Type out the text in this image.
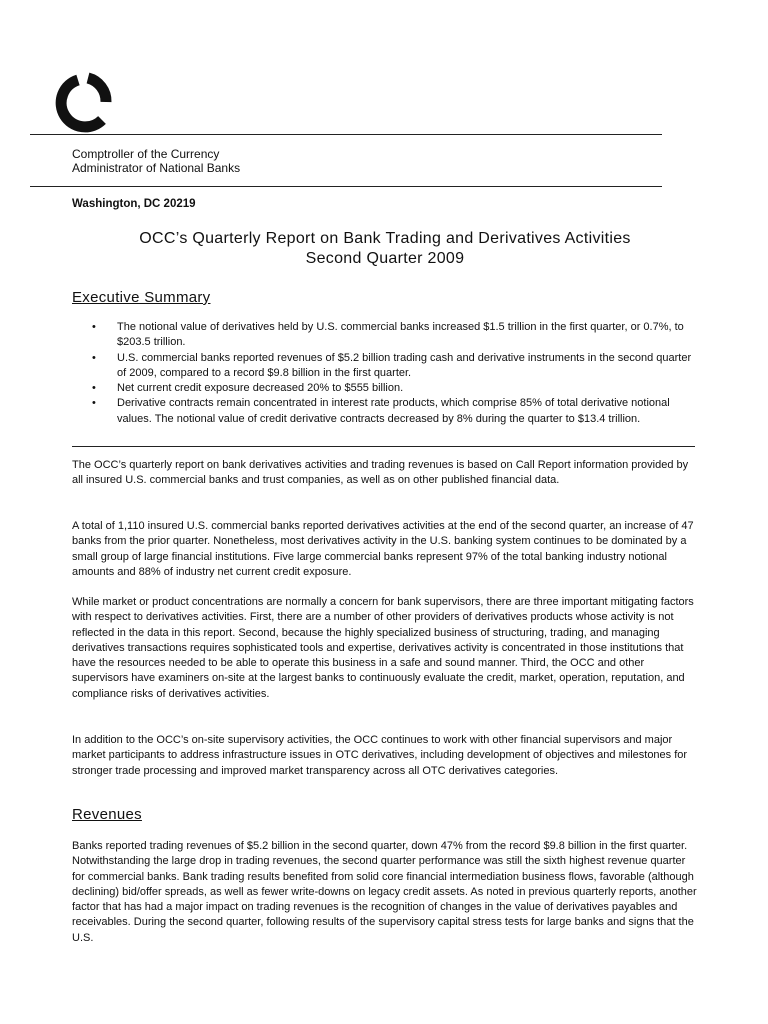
Comptroller of the Currency
Administrator of National Banks
Washington, DC 20219
OCC’s Quarterly Report on Bank Trading and Derivatives Activities
Second Quarter 2009
Executive Summary
• The notional value of derivatives held by U.S. commercial banks increased $1.5 trillion in the first quarter, or 0.7%, to $203.5 trillion.
• U.S. commercial banks reported revenues of $5.2 billion trading cash and derivative instruments in the second quarter of 2009, compared to a record $9.8 billion in the first quarter.
• Net current credit exposure decreased 20% to $555 billion.
• Derivative contracts remain concentrated in interest rate products, which comprise 85% of total derivative notional values. The notional value of credit derivative contracts decreased by 8% during the quarter to $13.4 trillion.

The OCC’s quarterly report on bank derivatives activities and trading revenues is based on Call Report information provided by all insured U.S. commercial banks and trust companies, as well as on other published financial data.

A total of 1,110 insured U.S. commercial banks reported derivatives activities at the end of the second quarter, an increase of 47 banks from the prior quarter. Nonetheless, most derivatives activity in the U.S. banking system continues to be dominated by a small group of large financial institutions. Five large commercial banks represent 97% of the total banking industry notional amounts and 88% of industry net current credit exposure.

While market or product concentrations are normally a concern for bank supervisors, there are three important mitigating factors with respect to derivatives activities. First, there are a number of other providers of derivatives products whose activity is not reflected in the data in this report. Second, because the highly specialized business of structuring, trading, and managing derivatives transactions requires sophisticated tools and expertise, derivatives activity is concentrated in those institutions that have the resources needed to be able to operate this business in a safe and sound manner. Third, the OCC and other supervisors have examiners on-site at the largest banks to continuously evaluate the credit, market, operation, reputation, and compliance risks of derivatives activities.

In addition to the OCC’s on-site supervisory activities, the OCC continues to work with other financial supervisors and major market participants to address infrastructure issues in OTC derivatives, including development of objectives and milestones for stronger trade processing and improved market transparency across all OTC derivatives categories.

Revenues

Banks reported trading revenues of $5.2 billion in the second quarter, down 47% from the record $9.8 billion in the first quarter. Notwithstanding the large drop in trading revenues, the second quarter performance was still the sixth highest revenue quarter for commercial banks. Bank trading results benefited from solid core financial intermediation business flows, favorable (although declining) bid/offer spreads, as well as fewer write-downs on legacy credit assets. As noted in previous quarterly reports, another factor that has had a major impact on trading revenues is the recognition of changes in the value of derivatives payables and receivables. During the second quarter, following results of the supervisory capital stress tests for large banks and signs that the U.S.
